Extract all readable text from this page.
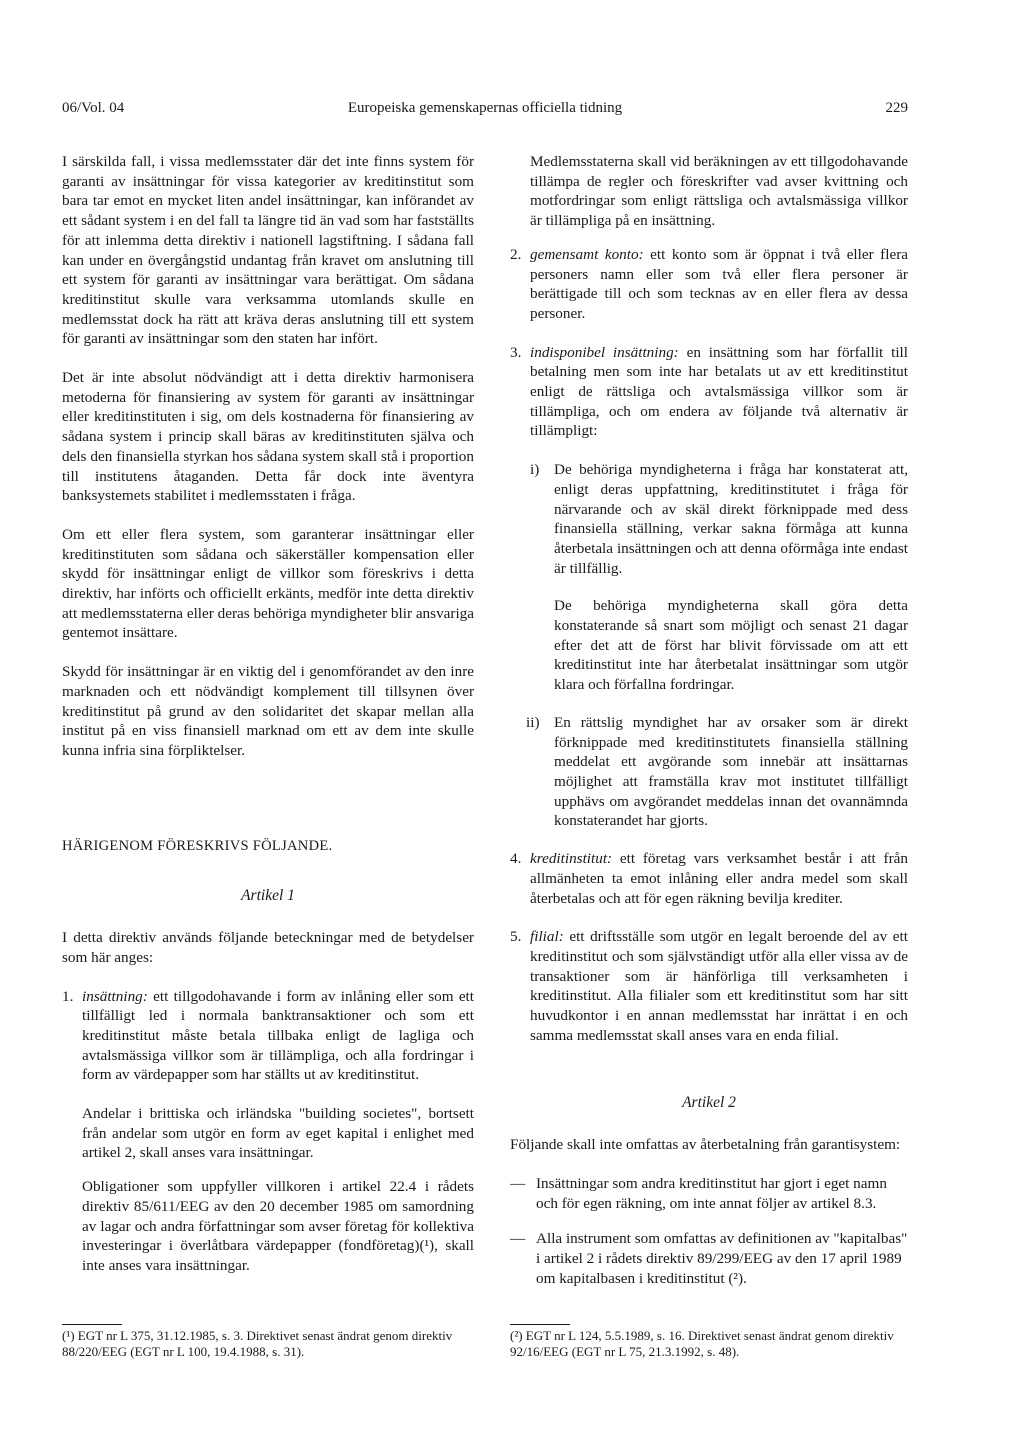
06/Vol. 04	Europeiska gemenskapernas officiella tidning	229

I särskilda fall, i vissa medlemsstater där det inte finns system för garanti av insättningar för vissa kategorier av kreditinstitut som bara tar emot en mycket liten andel insättningar, kan införandet av ett sådant system i en del fall ta längre tid än vad som har fastställts för att inlemma detta direktiv i nationell lagstiftning. I sådana fall kan under en övergångstid undantag från kravet om anslutning till ett system för garanti av insättningar vara berättigat. Om sådana kreditinstitut skulle vara verksamma utomlands skulle en medlemsstat dock ha rätt att kräva deras anslutning till ett system för garanti av insättningar som den staten har infört.

Det är inte absolut nödvändigt att i detta direktiv harmonisera metoderna för finansiering av system för garanti av insättningar eller kreditinstituten i sig, om dels kostnaderna för finansiering av sådana system i princip skall bäras av kreditinstituten själva och dels den finansiella styrkan hos sådana system skall stå i proportion till institutens åtaganden. Detta får dock inte äventyra banksystemets stabilitet i medlemsstaten i fråga.

Om ett eller flera system, som garanterar insättningar eller kreditinstituten som sådana och säkerställer kompensation eller skydd för insättningar enligt de villkor som föreskrivs i detta direktiv, har införts och officiellt erkänts, medför inte detta direktiv att medlemsstaterna eller deras behöriga myndigheter blir ansvariga gentemot insättare.

Skydd för insättningar är en viktig del i genomförandet av den inre marknaden och ett nödvändigt komplement till tillsynen över kreditinstitut på grund av den solidaritet det skapar mellan alla institut på en viss finansiell marknad om ett av dem inte skulle kunna infria sina förpliktelser.

HÄRIGENOM FÖRESKRIVS FÖLJANDE.
Artikel 1

I detta direktiv används följande beteckningar med de betydelser som här anges:

1. insättning: ett tillgodohavande i form av inlåning eller som ett tillfälligt led i normala banktransaktioner och som ett kreditinstitut måste betala tillbaka enligt de lagliga och avtalsmässiga villkor som är tillämpliga, och alla fordringar i form av värdepapper som har ställts ut av kreditinstitut.

Andelar i brittiska och irländska "building societes", bortsett från andelar som utgör en form av eget kapital i enlighet med artikel 2, skall anses vara insättningar.

Obligationer som uppfyller villkoren i artikel 22.4 i rådets direktiv 85/611/EEG av den 20 december 1985 om samordning av lagar och andra författningar som avser företag för kollektiva investeringar i överlåtbara värdepapper (fondföretag)(¹), skall inte anses vara insättningar.

(¹) EGT nr L 375, 31.12.1985, s. 3. Direktivet senast ändrat genom direktiv 88/220/EEG (EGT nr L 100, 19.4.1988, s. 31).

Medlemsstaterna skall vid beräkningen av ett tillgodohavande tillämpa de regler och föreskrifter vad avser kvittning och motfordringar som enligt rättsliga och avtalsmässiga villkor är tillämpliga på en insättning.

2. gemensamt konto: ett konto som är öppnat i två eller flera personers namn eller som två eller flera personer är berättigade till och som tecknas av en eller flera av dessa personer.
3. indisponibel insättning: en insättning som har förfallit till betalning men som inte har betalats ut av ett kreditinstitut enligt de rättsliga och avtalsmässiga villkor som är tillämpliga, och om endera av följande två alternativ är tillämpligt:
i) De behöriga myndigheterna i fråga har konstaterat att, enligt deras uppfattning, kreditinstitutet i fråga för närvarande och av skäl direkt förknippade med dess finansiella ställning, verkar sakna förmåga att kunna återbetala insättningen och att denna oförmåga inte endast är tillfällig.

De behöriga myndigheterna skall göra detta konstaterande så snart som möjligt och senast 21 dagar efter det att de först har blivit förvissade om att ett kreditinstitut inte har återbetalat insättningar som utgör klara och förfallna fordringar.

ii) En rättslig myndighet har av orsaker som är direkt förknippade med kreditinstitutets finansiella ställning meddelat ett avgörande som innebär att insättarnas möjlighet att framställa krav mot institutet tillfälligt upphävs om avgörandet meddelas innan det ovannämnda konstaterandet har gjorts.
4. kreditinstitut: ett företag vars verksamhet består i att från allmänheten ta emot inlåning eller andra medel som skall återbetalas och att för egen räkning bevilja krediter.
5. filial: ett driftsställe som utgör en legalt beroende del av ett kreditinstitut och som självständigt utför alla eller vissa av de transaktioner som är hänförliga till verksamheten i kreditinstitut. Alla filialer som ett kreditinstitut som har sitt huvudkontor i en annan medlemsstat har inrättat i en och samma medlemsstat skall anses vara en enda filial.
Artikel 2

Följande skall inte omfattas av återbetalning från garantisystem:

— Insättningar som andra kreditinstitut har gjort i eget namn och för egen räkning, om inte annat följer av artikel 8.3.
— Alla instrument som omfattas av definitionen av "kapitalbas" i artikel 2 i rådets direktiv 89/299/EEG av den 17 april 1989 om kapitalbasen i kreditinstitut (²).
(²) EGT nr L 124, 5.5.1989, s. 16. Direktivet senast ändrat genom direktiv 92/16/EEG (EGT nr L 75, 21.3.1992, s. 48).
